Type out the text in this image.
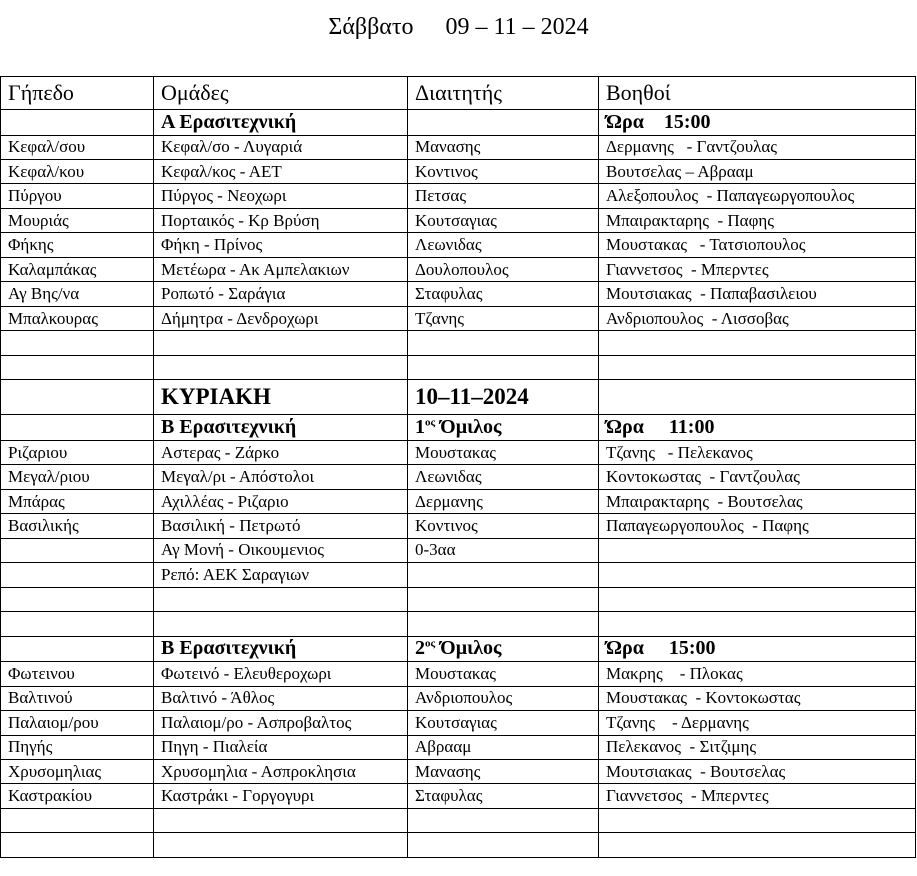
Σάββατο 09 – 11 – 2024
Γήπεδο	Ομάδες	Διαιτητής	Βοηθοί
	Α Ερασιτεχνική		Ώρα    15:00
Κεφαλ/σου	Κεφαλ/σο - Λυγαριά	Μανασης	Δερμανης   - Γαντζουλας
Κεφαλ/κου	Κεφαλ/κος - ΑΕΤ	Κοντινος	Βουτσελας – Αβρααμ
Πύργου	Πύργος - Νεοχωρι	Πετσας	Αλεξοπουλος  - Παπαγεωργοπουλος
Μουριάς	Πορταικός - Κρ Βρύση	Κουτσαγιας	Μπαιρακταρης  - Παφης
Φήκης	Φήκη - Πρίνος	Λεωνιδας	Μουστακας   - Τατσιοπουλος
Καλαμπάκας	Μετέωρα - Ακ Αμπελακιων	Δουλοπουλος	Γιαννετσος  - Μπερντες
Αγ Βης/να	Ροπωτό - Σαράγια	Σταφυλας	Μουτσιακας  - Παπαβασιλειου
Μπαλκουρας	Δήμητρα - Δενδροχωρι	Τζανης	Ανδριοπουλος  - Λισσοβας

	ΚΥΡΙΑΚΗ	10–11–2024	
	Β Ερασιτεχνική	$1^{o\varsigma}$ Όμιλος	Ώρα     11:00
Ριζαριου	Αστερας - Ζάρκο	Μουστακας	Τζανης   - Πελεκανος
Μεγαλ/ριου	Μεγαλ/ρι - Απόστολοι	Λεωνιδας	Κοντοκωστας  - Γαντζουλας
Μπάρας	Αχιλλέας - Ριζαριο	Δερμανης	Μπαιρακταρης  - Βουτσελας
Βασιλικής	Βασιλική - Πετρωτό	Κοντινος	Παπαγεωργοπουλος  - Παφης
	Αγ Μονή - Οικουμενιος	0-3αα	
	Ρεπό: ΑΕΚ Σαραγιων		

	Β Ερασιτεχνική	$2^{o\varsigma}$ Όμιλος	Ώρα     15:00
Φωτεινου	Φωτεινό - Ελευθεροχωρι	Μουστακας	Μακρης    - Πλοκας
Βαλτινού	Βαλτινό - Άθλος	Ανδριοπουλος	Μουστακας  - Κοντοκωστας
Παλαιομ/ρου	Παλαιομ/ρο - Ασπροβαλτος	Κουτσαγιας	Τζανης    - Δερμανης
Πηγής	Πηγη - Πιαλεία	Αβρααμ	Πελεκανος  - Σιτζιμης
Χρυσομηλιας	Χρυσομηλια - Ασπροκλησια	Μανασης	Μουτσιακας  - Βουτσελας
Καστρακίου	Καστράκι - Γοργογυρι	Σταφυλας	Γιαννετσος  - Μπερντες
